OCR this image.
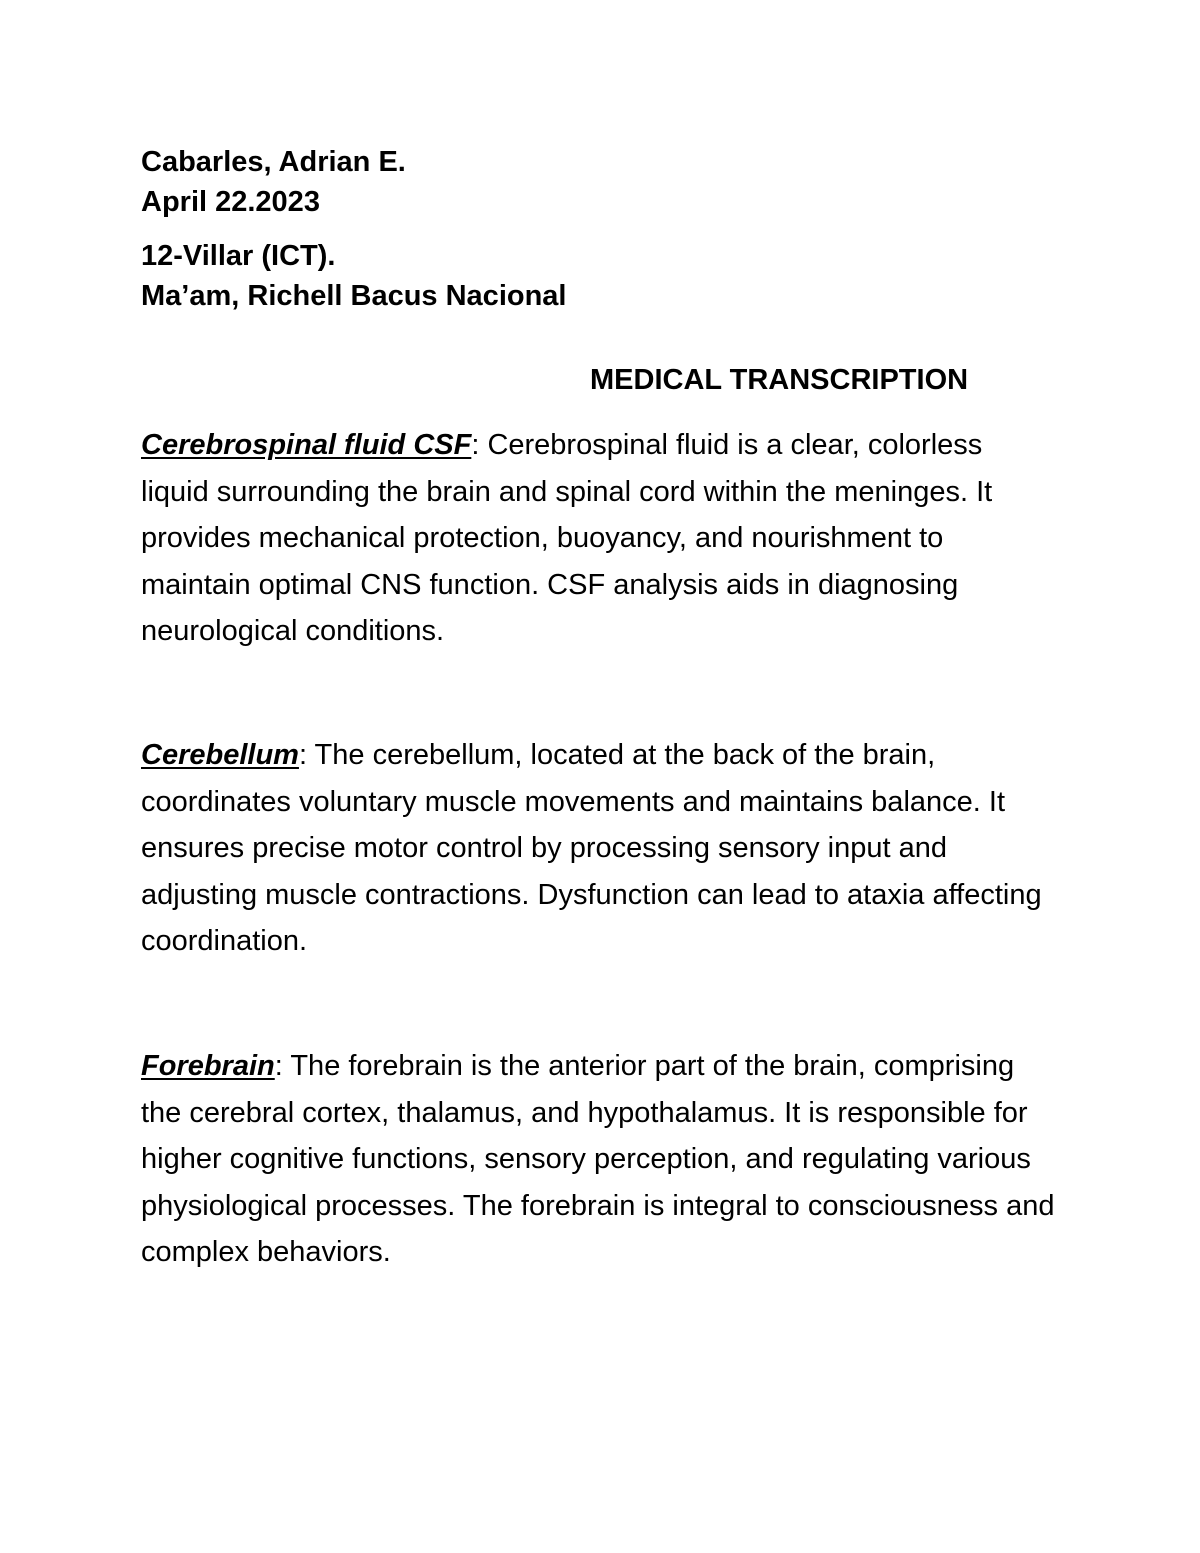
Cabarles, Adrian E.

April 22.2023

12-Villar (ICT).

Ma’am, Richell Bacus Nacional

MEDICAL TRANSCRIPTION

Cerebrospinal fluid CSF: Cerebrospinal fluid is a clear, colorless liquid surrounding the brain and spinal cord within the meninges. It provides mechanical protection, buoyancy, and nourishment to maintain optimal CNS function. CSF analysis aids in diagnosing neurological conditions.

Cerebellum: The cerebellum, located at the back of the brain, coordinates voluntary muscle movements and maintains balance. It ensures precise motor control by processing sensory input and adjusting muscle contractions. Dysfunction can lead to ataxia affecting coordination.

Forebrain: The forebrain is the anterior part of the brain, comprising the cerebral cortex, thalamus, and hypothalamus. It is responsible for higher cognitive functions, sensory perception, and regulating various physiological processes. The forebrain is integral to consciousness and complex behaviors.
